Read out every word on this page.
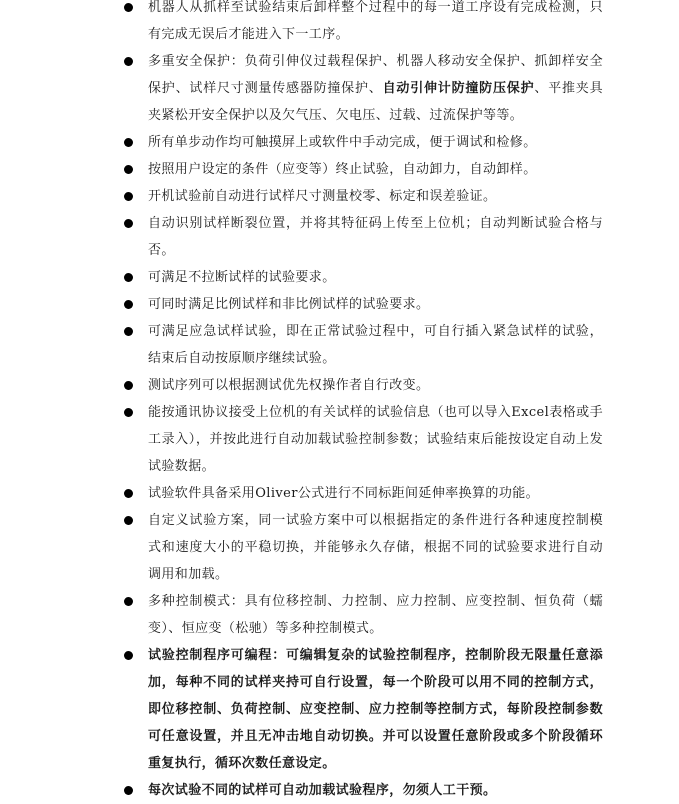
机器人从抓样至试验结束后卸样整个过程中的每一道工序设有完成检测，只有完成无误后才能进入下一工序。
多重安全保护：负荷引伸仪过载程保护、机器人移动安全保护、抓卸样安全保护、试样尺寸测量传感器防撞保护、自动引伸计防撞防压保护、平推夹具夹紧松开安全保护以及欠气压、欠电压、过载、过流保护等等。
所有单步动作均可触摸屏上或软件中手动完成，便于调试和检修。
按照用户设定的条件（应变等）终止试验，自动卸力，自动卸样。
开机试验前自动进行试样尺寸测量校零、标定和误差验证。
自动识别试样断裂位置，并将其特征码上传至上位机；自动判断试验合格与否。
可满足不拉断试样的试验要求。
可同时满足比例试样和非比例试样的试验要求。
可满足应急试样试验，即在正常试验过程中，可自行插入紧急试样的试验，结束后自动按原顺序继续试验。
测试序列可以根据测试优先权操作者自行改变。
能按通讯协议接受上位机的有关试样的试验信息（也可以导入Excel表格或手工录入），并按此进行自动加载试验控制参数；试验结束后能按设定自动上发试验数据。
试验软件具备采用Oliver公式进行不同标距间延伸率换算的功能。
自定义试验方案，同一试验方案中可以根据指定的条件进行各种速度控制模式和速度大小的平稳切换，并能够永久存储，根据不同的试验要求进行自动调用和加载。
多种控制模式：具有位移控制、力控制、应力控制、应变控制、恒负荷（蠕变）、恒应变（松驰）等多种控制模式。
试验控制程序可编程：可编辑复杂的试验控制程序，控制阶段无限量任意添加，每种不同的试样夹持可自行设置，每一个阶段可以用不同的控制方式，即位移控制、负荷控制、应变控制、应力控制等控制方式，每阶段控制参数可任意设置，并且无冲击地自动切换。并可以设置任意阶段或多个阶段循环重复执行，循环次数任意设定。
每次试验不同的试样可自动加载试验程序，勿须人工干预。
